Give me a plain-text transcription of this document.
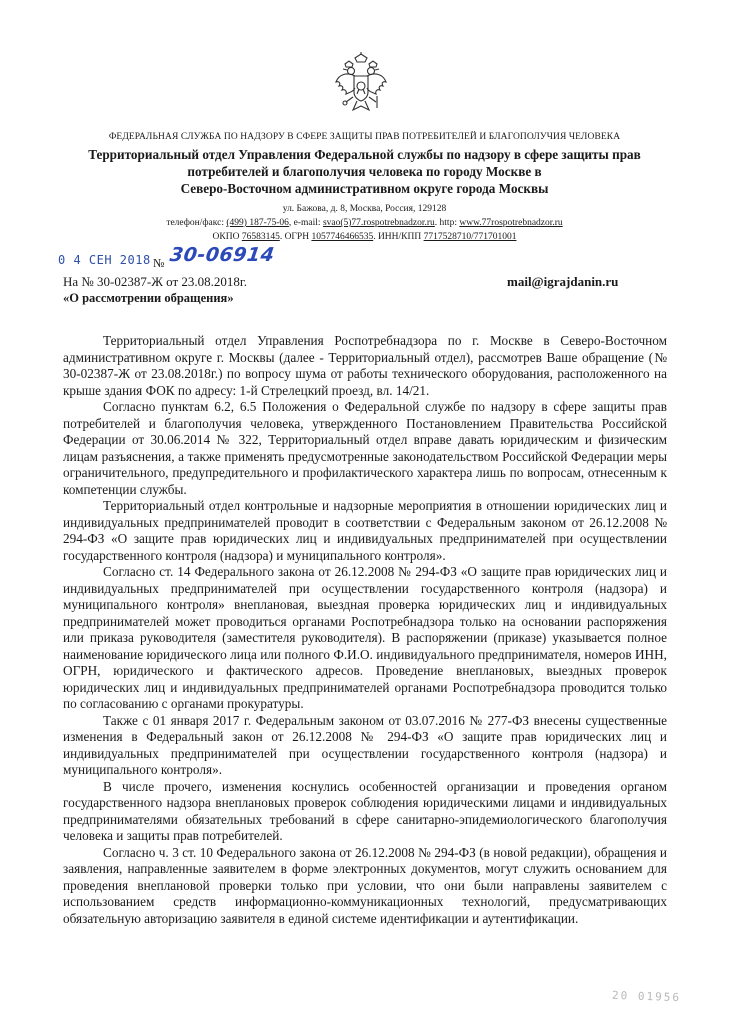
ФЕДЕРАЛЬНАЯ СЛУЖБА ПО НАДЗОРУ В СФЕРЕ ЗАЩИТЫ ПРАВ ПОТРЕБИТЕЛЕЙ И БЛАГОПОЛУЧИЯ ЧЕЛОВЕКА
Территориальный отдел Управления Федеральной службы по надзору в сфере защиты прав
потребителей и благополучия человека по городу Москве в
Северо-Восточном административном округе города Москвы
ул. Бажова, д. 8, Москва, Россия, 129128
телефон/факс: (499) 187-75-06, e-mail: svao(5)77.rospotrebnadzor.ru. http: www.77rospotrebnadzor.ru
ОКПО 76583145. ОГРН 1057746466535. ИНН/КПП 7717528710/771701001
0 4 СЕН 2018 № 30-06914
На № 30-02387-Ж от 23.08.2018г.
«О рассмотрении обращения»
mail@igrajdanin.ru

Территориальный отдел Управления Роспотребнадзора по г. Москве в Северо-Восточном административном округе г. Москвы (далее - Территориальный отдел), рассмотрев Ваше обращение (№ 30-02387-Ж от 23.08.2018г.) по вопросу шума от работы технического оборудования, расположенного на крыше здания ФОК по адресу: 1-й Стрелецкий проезд, вл. 14/21.

Согласно пунктам 6.2, 6.5 Положения о Федеральной службе по надзору в сфере защиты прав потребителей и благополучия человека, утвержденного Постановлением Правительства Российской Федерации от 30.06.2014 № 322, Территориальный отдел вправе давать юридическим и физическим лицам разъяснения, а также применять предусмотренные законодательством Российской Федерации меры ограничительного, предупредительного и профилактического характера лишь по вопросам, отнесенным к компетенции службы.

Территориальный отдел контрольные и надзорные мероприятия в отношении юридических лиц и индивидуальных предпринимателей проводит в соответствии с Федеральным законом от 26.12.2008 № 294-ФЗ «О защите прав юридических лиц и индивидуальных предпринимателей при осуществлении государственного контроля (надзора) и муниципального контроля».

Согласно ст. 14 Федерального закона от 26.12.2008 № 294-ФЗ «О защите прав юридических лиц и индивидуальных предпринимателей при осуществлении государственного контроля (надзора) и муниципального контроля» внеплановая, выездная проверка юридических лиц и индивидуальных предпринимателей может проводиться органами Роспотребнадзора только на основании распоряжения или приказа руководителя (заместителя руководителя). В распоряжении (приказе) указывается полное наименование юридического лица или полного Ф.И.О. индивидуального предпринимателя, номеров ИНН, ОГРН, юридического и фактического адресов. Проведение внеплановых, выездных проверок юридических лиц и индивидуальных предпринимателей органами Роспотребнадзора проводится только по согласованию с органами прокуратуры.

Также с 01 января 2017 г. Федеральным законом от 03.07.2016 № 277-ФЗ внесены существенные изменения в Федеральный закон от 26.12.2008 № 294-ФЗ «О защите прав юридических лиц и индивидуальных предпринимателей при осуществлении государственного контроля (надзора) и муниципального контроля».

В числе прочего, изменения коснулись особенностей организации и проведения органом государственного надзора внеплановых проверок соблюдения юридическими лицами и индивидуальных предпринимателями обязательных требований в сфере санитарно-эпидемиологического благополучия человека и защиты прав потребителей.

Согласно ч. 3 ст. 10 Федерального закона от 26.12.2008 № 294-ФЗ (в новой редакции), обращения и заявления, направленные заявителем в форме электронных документов, могут служить основанием для проведения внеплановой проверки только при условии, что они были направлены заявителем с использованием средств информационно-коммуникационных технологий, предусматривающих обязательную авторизацию заявителя в единой системе идентификации и аутентификации.

20 01956
